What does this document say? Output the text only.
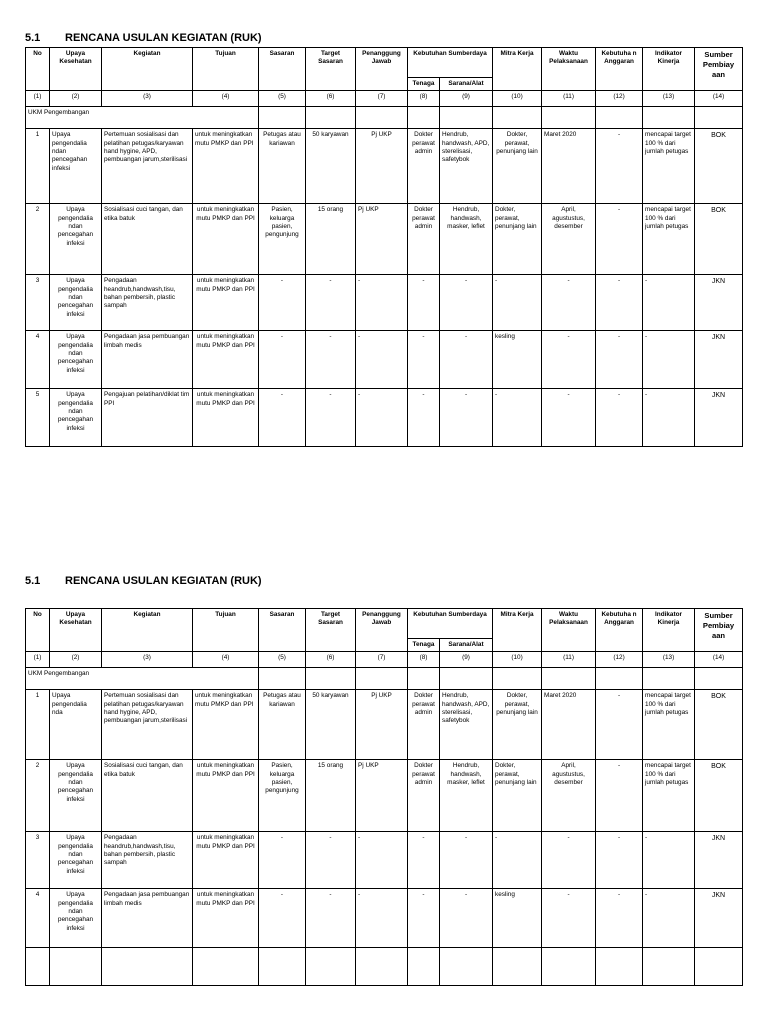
5.1 RENCANA USULAN KEGIATAN (RUK)
No	Upaya Kesehatan	Kegiatan	Tujuan	Sasaran	Target Sasaran	Penanggung Jawab	Kebutuhan Sumberdaya		Mitra Kerja	Waktu Pelaksanaan	Kebutuha n Anggaran	Indikator Kinerja	Sumber Pembiay aan
							Tenaga	Sarana/Alat					
(1)	(2)	(3)	(4)	(5)	(6)	(7)	(8)	(9)	(10)	(11)	(12)	(13)	(14)
UKM Pengembangan													
1	Upaya pengendalia ndan pencegahan infeksi	Pertemuan sosialisasi dan pelatihan petugas/karyawan hand hygine, APD, pembuangan jarum,sterilisasi	untuk meningkatkan mutu PMKP dan PPI	Petugas atau kariawan	50 karyawan	Pj UKP	Dokter perawat admin	Hendrub, handwash, APD, sterelisasi, safetybok	Dokter, perawat, penunjang lain	Maret 2020	-	mencapai target 100 % dari jumlah petugas	BOK
2	Upaya pengendalia ndan pencegahan infeksi	Sosialisasi cuci tangan, dan etika batuk	untuk meningkatkan mutu PMKP dan PPI	Pasien, keluarga pasien, pengunjung	15 orang	Pj UKP	Dokter perawat admin	Hendrub, handwash, masker, leflet	Dokter, perawat, penunjang lain	April, agustustus, desember	-	mencapai target 100 % dari jumlah petugas	BOK
3	Upaya pengendalia ndan pencegahan infeksi	Pengadaan heandrub,handwash,tisu, bahan pembersih, plastic sampah	untuk meningkatkan mutu PMKP dan PPI	-	-	-	-	-	-	-	-	-	JKN
4	Upaya pengendalia ndan pencegahan infeksi	Pengadaan jasa pembuangan limbah medis	untuk meningkatkan mutu PMKP dan PPI	-	-	-	-	-	kesling	-	-	-	JKN
5	Upaya pengendalia ndan pencegahan infeksi	Pengajuan pelatihan/diklat tim PPI	untuk meningkatkan mutu PMKP dan PPI	-	-	-	-	-	-	-	-	-	JKN
5.1 RENCANA USULAN KEGIATAN (RUK)
No	Upaya Kesehatan	Kegiatan	Tujuan	Sasaran	Target Sasaran	Penanggung Jawab	Kebutuhan Sumberdaya		Mitra Kerja	Waktu Pelaksanaan	Kebutuha n Anggaran	Indikator Kinerja	Sumber Pembiay aan
							Tenaga	Sarana/Alat					
(1)	(2)	(3)	(4)	(5)	(6)	(7)	(8)	(9)	(10)	(11)	(12)	(13)	(14)
UKM Pengembangan													
1	Upaya pengendalia nda	Pertemuan sosialisasi dan pelatihan petugas/karyawan hand hygine, APD, pembuangan jarum,sterilisasi	untuk meningkatkan mutu PMKP dan PPI	Petugas atau kariawan	50 karyawan	Pj UKP	Dokter perawat admin	Hendrub, handwash, APD, sterelisasi, safetybok	Dokter, perawat, penunjang lain	Maret 2020	-	mencapai target 100 % dari jumlah petugas	BOK
2	Upaya pengendalia ndan pencegahan infeksi	Sosialisasi cuci tangan, dan etika batuk	untuk meningkatkan mutu PMKP dan PPI	Pasien, keluarga pasien, pengunjung	15 orang	Pj UKP	Dokter perawat admin	Hendrub, handwash, masker, leflet	Dokter, perawat, penunjang lain	April, agustustus, desember	-	mencapai target 100 % dari jumlah petugas	BOK
3	Upaya pengendalia ndan pencegahan infeksi	Pengadaan heandrub,handwash,tisu, bahan pembersih, plastic sampah	untuk meningkatkan mutu PMKP dan PPI	-	-	-	-	-	-	-	-	-	JKN
4	Upaya pengendalia ndan pencegahan infeksi	Pengadaan jasa pembuangan limbah medis	untuk meningkatkan mutu PMKP dan PPI	-	-	-	-	-	kesling	-	-	-	JKN
